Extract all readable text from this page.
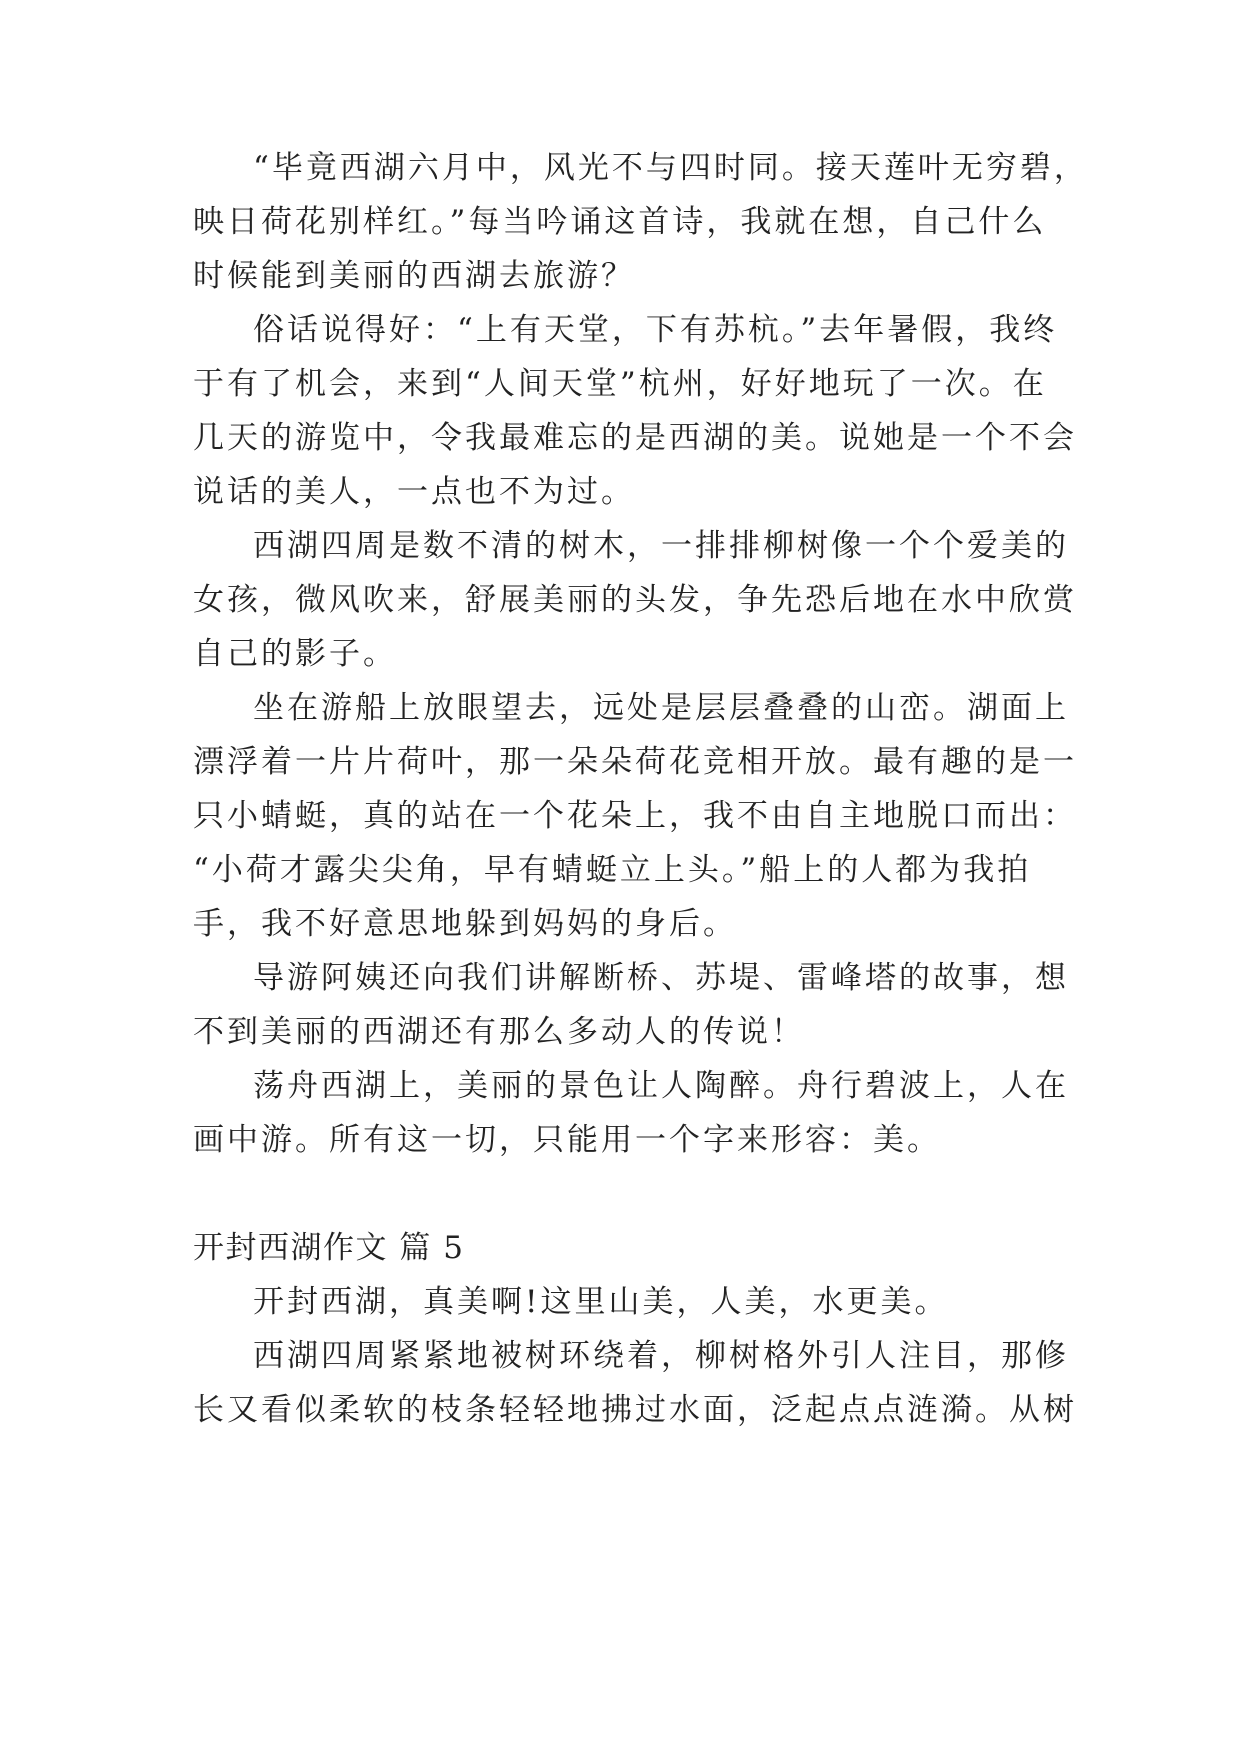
“毕竟西湖六月中，风光不与四时同。接天莲叶无穷碧，
映日荷花别样红。”每当吟诵这首诗，我就在想，自己什么
时候能到美丽的西湖去旅游？
俗话说得好：“上有天堂，下有苏杭。”去年暑假，我终
于有了机会，来到“人间天堂”杭州，好好地玩了一次。在
几天的游览中，令我最难忘的是西湖的美。说她是一个不会
说话的美人，一点也不为过。
西湖四周是数不清的树木，一排排柳树像一个个爱美的
女孩，微风吹来，舒展美丽的头发，争先恐后地在水中欣赏
自己的影子。
坐在游船上放眼望去，远处是层层叠叠的山峦。湖面上
漂浮着一片片荷叶，那一朵朵荷花竞相开放。最有趣的是一
只小蜻蜓，真的站在一个花朵上，我不由自主地脱口而出：
“小荷才露尖尖角，早有蜻蜓立上头。”船上的人都为我拍
手，我不好意思地躲到妈妈的身后。
导游阿姨还向我们讲解断桥、苏堤、雷峰塔的故事，想
不到美丽的西湖还有那么多动人的传说！
荡舟西湖上，美丽的景色让人陶醉。舟行碧波上，人在
画中游。所有这一切，只能用一个字来形容：美。
开封西湖作文 篇 5
开封西湖，真美啊!这里山美，人美，水更美。
西湖四周紧紧地被树环绕着，柳树格外引人注目，那修
长又看似柔软的枝条轻轻地拂过水面，泛起点点涟漪。从树
